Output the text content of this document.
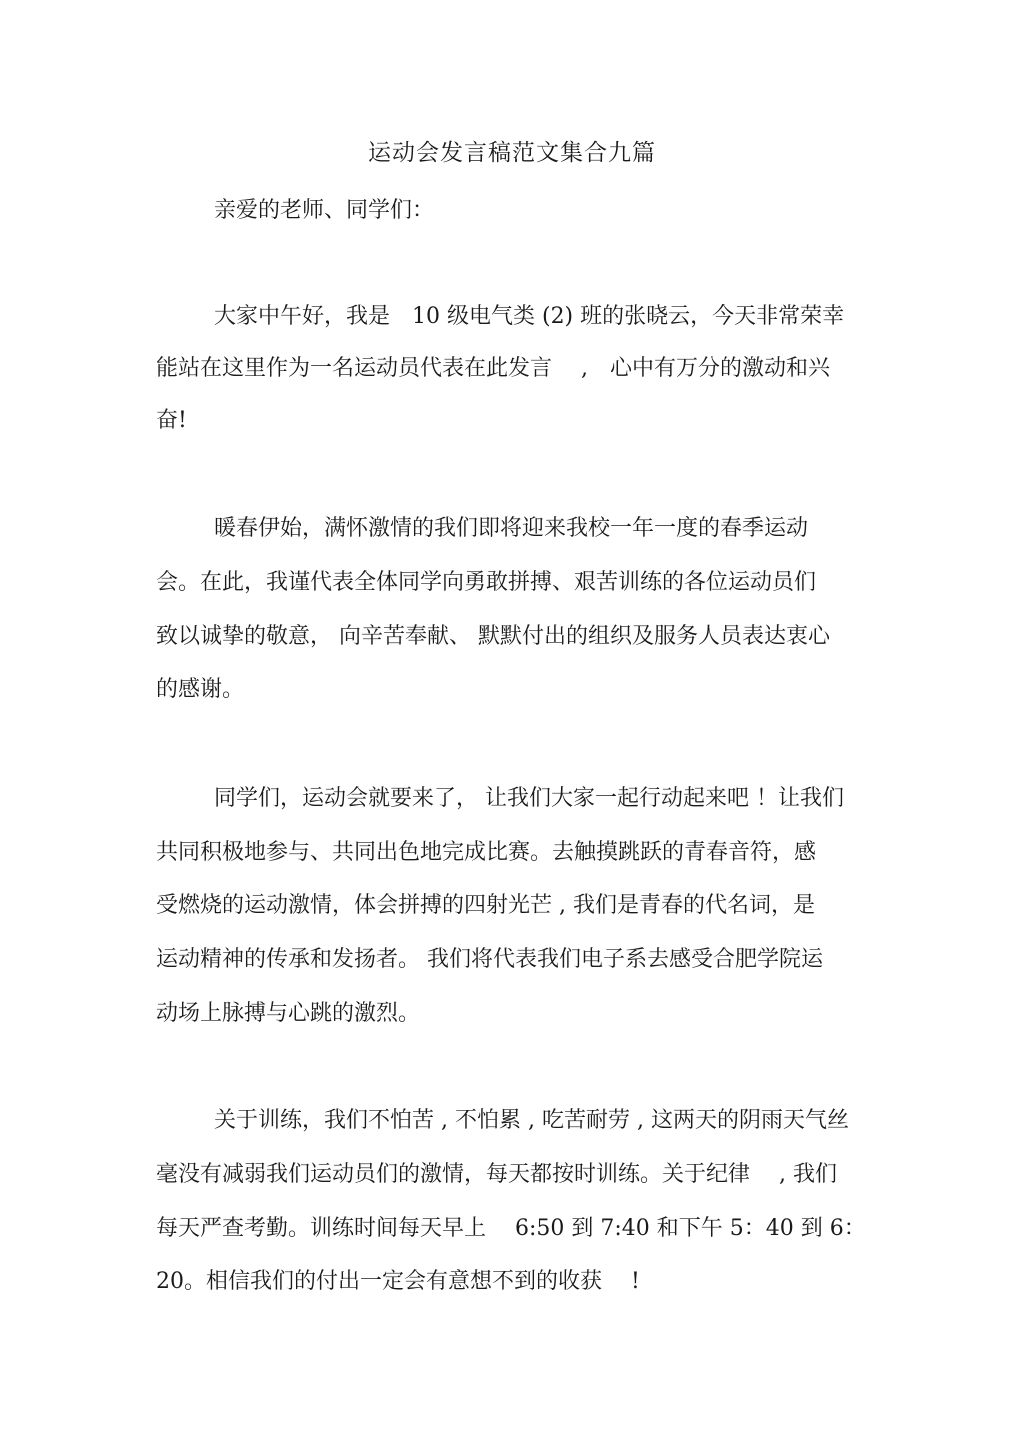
运动会发言稿范文集合九篇
亲爱的老师、同学们：
大家中午好，我是　10 级电气类 (2) 班的张晓云，今天非常荣幸
能站在这里作为一名运动员代表在此发言　 ,　心中有万分的激动和兴
奋!
暖春伊始，满怀激情的我们即将迎来我校一年一度的春季运动
会。在此，我谨代表全体同学向勇敢拼搏、艰苦训练的各位运动员们
致以诚挚的敬意， 向辛苦奉献、 默默付出的组织及服务人员表达衷心
的感谢。
同学们，运动会就要来了， 让我们大家一起行动起来吧 ！让我们
共同积极地参与、共同出色地完成比赛。去触摸跳跃的青春音符，感
受燃烧的运动激情，体会拼搏的四射光芒 , 我们是青春的代名词，是
运动精神的传承和发扬者。 我们将代表我们电子系去感受合肥学院运
动场上脉搏与心跳的激烈。
关于训练，我们不怕苦 , 不怕累 , 吃苦耐劳 , 这两天的阴雨天气丝
毫没有减弱我们运动员们的激情，每天都按时训练。关于纪律　 , 我们
每天严查考勤。训练时间每天早上　 6:50 到 7:40 和下午 5：40 到 6：
20。相信我们的付出一定会有意想不到的收获　 !
